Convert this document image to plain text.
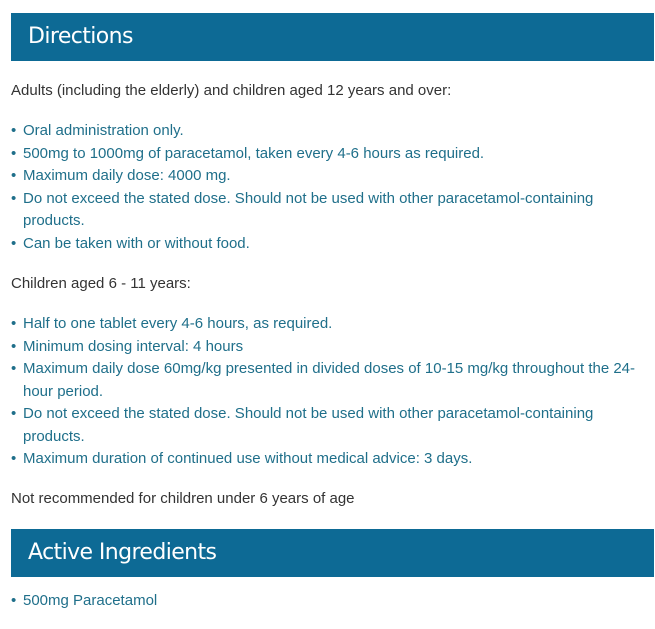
Directions

Adults (including the elderly) and children aged 12 years and over:

• Oral administration only.
• 500mg to 1000mg of paracetamol, taken every 4-6 hours as required.
• Maximum daily dose: 4000 mg.
• Do not exceed the stated dose. Should not be used with other paracetamol-containing products.
• Can be taken with or without food.

Children aged 6 - 11 years:

• Half to one tablet every 4-6 hours, as required.
• Minimum dosing interval: 4 hours
• Maximum daily dose 60mg/kg presented in divided doses of 10-15 mg/kg throughout the 24-hour period.
• Do not exceed the stated dose. Should not be used with other paracetamol-containing products.
• Maximum duration of continued use without medical advice: 3 days.

Not recommended for children under 6 years of age

Active Ingredients
• 500mg Paracetamol
